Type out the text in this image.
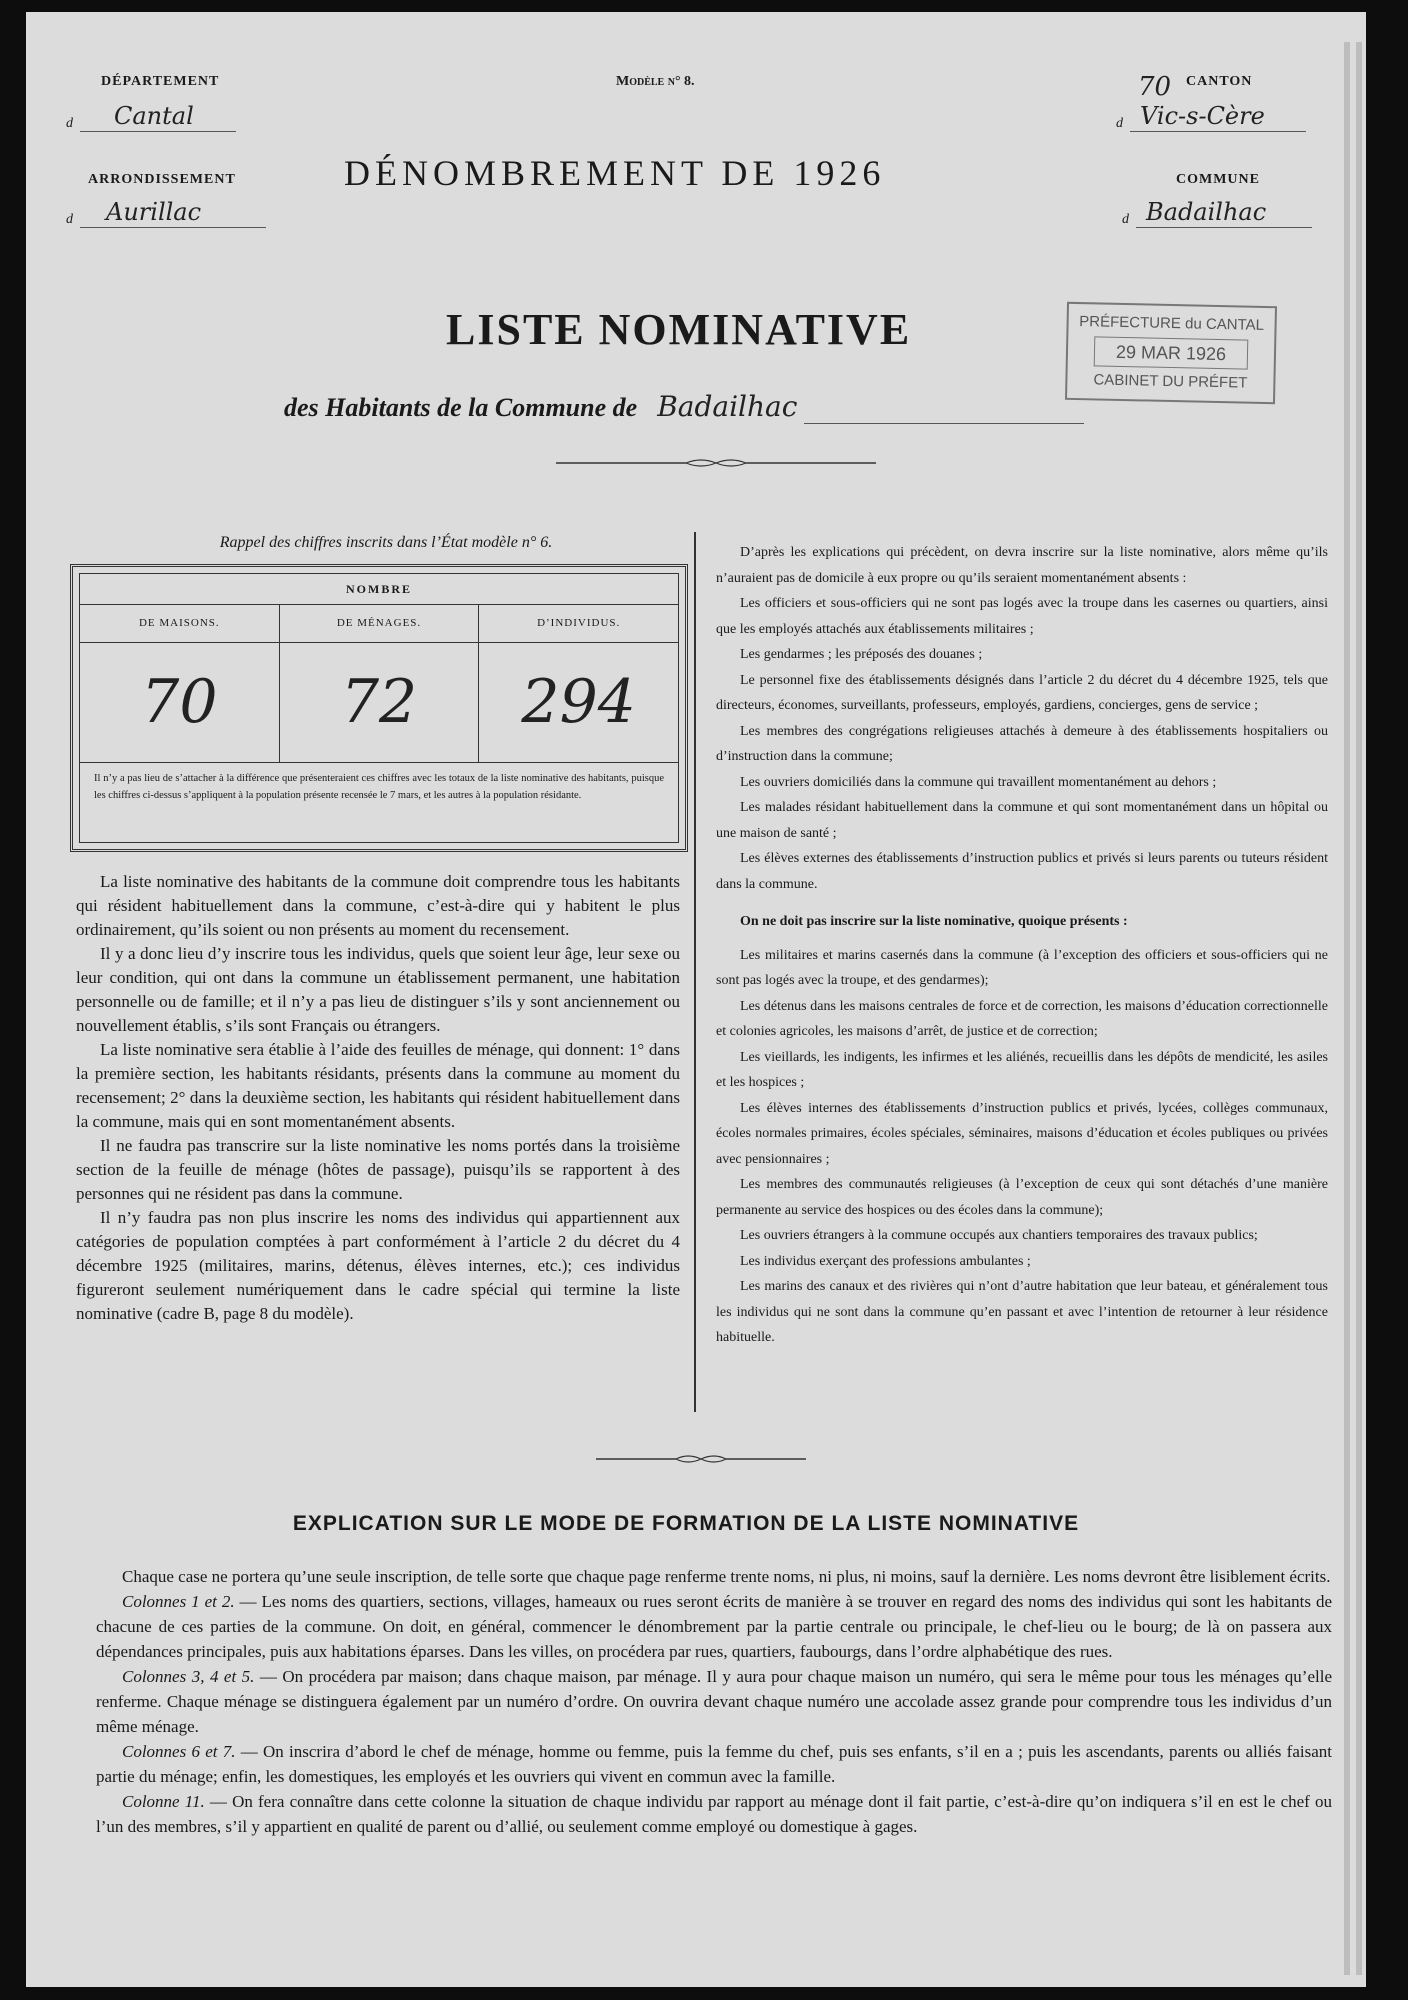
DÉPARTEMENT
d Cantal
ARRONDISSEMENT
d Aurillac
Modèle n° 8.
DÉNOMBREMENT DE 1926
70 CANTON
d Vic-s-Cère
COMMUNE
d Badailhac
LISTE NOMINATIVE
des Habitants de la Commune de Badailhac
PRÉFECTURE du CANTAL
29 MAR 1926
CABINET DU PRÉFET
Rappel des chiffres inscrits dans l’État modèle n° 6.
NOMBRE
DE MAISONS.	DE MÉNAGES.	D’INDIVIDUS.
70	72	294
Il n’y a pas lieu de s’attacher à la différence que présenteraient ces chiffres avec les totaux de la liste nominative des habitants, puisque les chiffres ci-dessus s’appliquent à la population présente recensée le 7 mars, et les autres à la population résidante.

La liste nominative des habitants de la commune doit comprendre tous les habitants qui résident habituellement dans la commune, c’est-à-dire qui y habitent le plus ordinairement, qu’ils soient ou non présents au moment du recensement.

Il y a donc lieu d’y inscrire tous les individus, quels que soient leur âge, leur sexe ou leur condition, qui ont dans la commune un établissement permanent, une habitation personnelle ou de famille; et il n’y a pas lieu de distinguer s’ils y sont anciennement ou nouvellement établis, s’ils sont Français ou étrangers.

La liste nominative sera établie à l’aide des feuilles de ménage, qui donnent: 1° dans la première section, les habitants résidants, présents dans la commune au moment du recensement; 2° dans la deuxième section, les habitants qui résident habituellement dans la commune, mais qui en sont momentanément absents.

Il ne faudra pas transcrire sur la liste nominative les noms portés dans la troisième section de la feuille de ménage (hôtes de passage), puisqu’ils se rapportent à des personnes qui ne résident pas dans la commune.

Il n’y faudra pas non plus inscrire les noms des individus qui appartiennent aux catégories de population comptées à part conformément à l’article 2 du décret du 4 décembre 1925 (militaires, marins, détenus, élèves internes, etc.); ces individus figureront seulement numériquement dans le cadre spécial qui termine la liste nominative (cadre B, page 8 du modèle).

D’après les explications qui précèdent, on devra inscrire sur la liste nominative, alors même qu’ils n’auraient pas de domicile à eux propre ou qu’ils seraient momentanément absents :

Les officiers et sous-officiers qui ne sont pas logés avec la troupe dans les casernes ou quartiers, ainsi que les employés attachés aux établissements militaires ;

Les gendarmes ; les préposés des douanes ;

Le personnel fixe des établissements désignés dans l’article 2 du décret du 4 décembre 1925, tels que directeurs, économes, surveillants, professeurs, employés, gardiens, concierges, gens de service ;

Les membres des congrégations religieuses attachés à demeure à des établissements hospitaliers ou d’instruction dans la commune;

Les ouvriers domiciliés dans la commune qui travaillent momentanément au dehors ;

Les malades résidant habituellement dans la commune et qui sont momentanément dans un hôpital ou une maison de santé ;

Les élèves externes des établissements d’instruction publics et privés si leurs parents ou tuteurs résident dans la commune.

On ne doit pas inscrire sur la liste nominative, quoique présents :

Les militaires et marins casernés dans la commune (à l’exception des officiers et sous-officiers qui ne sont pas logés avec la troupe, et des gendarmes);

Les détenus dans les maisons centrales de force et de correction, les maisons d’éducation correctionnelle et colonies agricoles, les maisons d’arrêt, de justice et de correction;

Les vieillards, les indigents, les infirmes et les aliénés, recueillis dans les dépôts de mendicité, les asiles et les hospices ;

Les élèves internes des établissements d’instruction publics et privés, lycées, collèges communaux, écoles normales primaires, écoles spéciales, séminaires, maisons d’éducation et écoles publiques ou privées avec pensionnaires ;

Les membres des communautés religieuses (à l’exception de ceux qui sont détachés d’une manière permanente au service des hospices ou des écoles dans la commune);

Les ouvriers étrangers à la commune occupés aux chantiers temporaires des travaux publics;

Les individus exerçant des professions ambulantes ;

Les marins des canaux et des rivières qui n’ont d’autre habitation que leur bateau, et généralement tous les individus qui ne sont dans la commune qu’en passant et avec l’intention de retourner à leur résidence habituelle.

EXPLICATION SUR LE MODE DE FORMATION DE LA LISTE NOMINATIVE

Chaque case ne portera qu’une seule inscription, de telle sorte que chaque page renferme trente noms, ni plus, ni moins, sauf la dernière. Les noms devront être lisiblement écrits.

Colonnes 1 et 2. — Les noms des quartiers, sections, villages, hameaux ou rues seront écrits de manière à se trouver en regard des noms des individus qui sont les habitants de chacune de ces parties de la commune. On doit, en général, commencer le dénombrement par la partie centrale ou principale, le chef-lieu ou le bourg; de là on passera aux dépendances principales, puis aux habitations éparses. Dans les villes, on procédera par rues, quartiers, faubourgs, dans l’ordre alphabétique des rues.

Colonnes 3, 4 et 5. — On procédera par maison; dans chaque maison, par ménage. Il y aura pour chaque maison un numéro, qui sera le même pour tous les ménages qu’elle renferme. Chaque ménage se distinguera également par un numéro d’ordre. On ouvrira devant chaque numéro une accolade assez grande pour comprendre tous les individus d’un même ménage.

Colonnes 6 et 7. — On inscrira d’abord le chef de ménage, homme ou femme, puis la femme du chef, puis ses enfants, s’il en a ; puis les ascendants, parents ou alliés faisant partie du ménage; enfin, les domestiques, les employés et les ouvriers qui vivent en commun avec la famille.

Colonne 11. — On fera connaître dans cette colonne la situation de chaque individu par rapport au ménage dont il fait partie, c’est-à-dire qu’on indiquera s’il en est le chef ou l’un des membres, s’il y appartient en qualité de parent ou d’allié, ou seulement comme employé ou domestique à gages.
